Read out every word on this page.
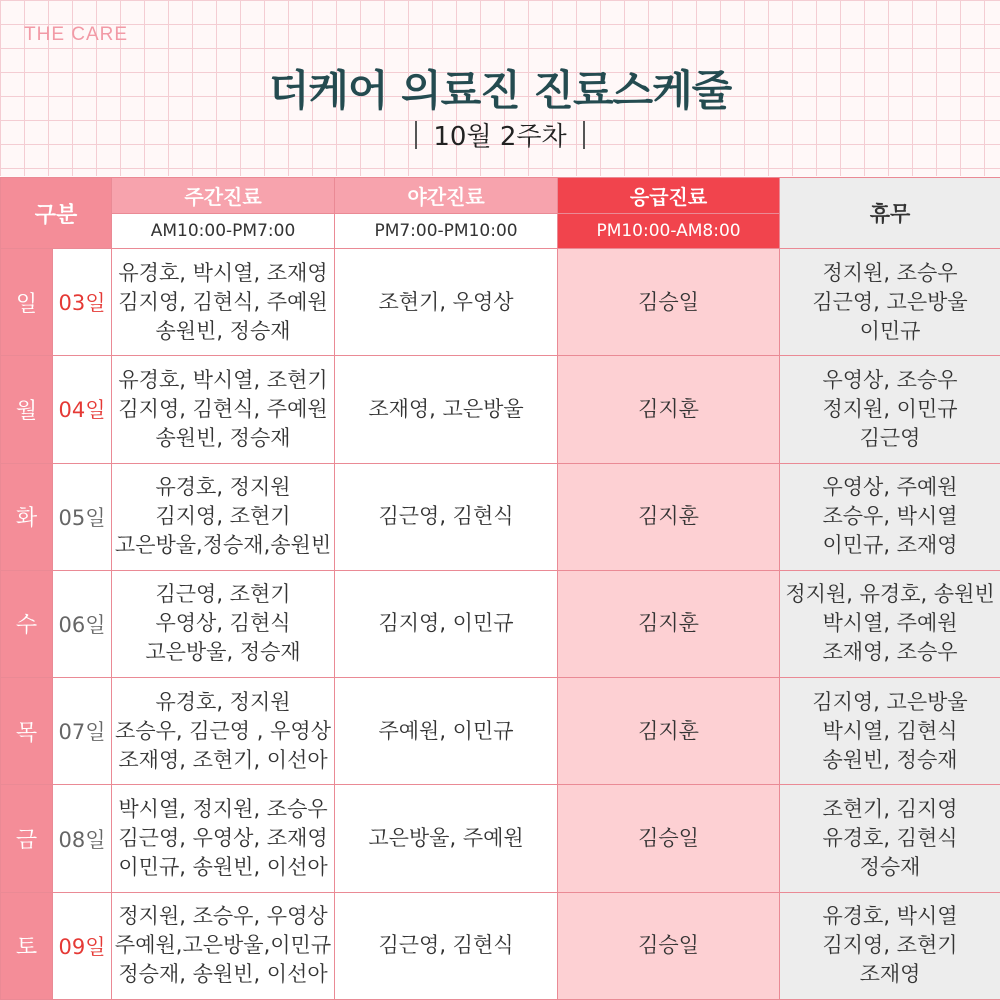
THE CARE
더케어 의료진 진료스케줄
10월 2주차
구분		주간진료	야간진료	응급진료	휴무
		AM10:00-PM7:00	PM7:00-PM10:00	PM10:00-AM8:00	
일	03일	유경호, 박시열, 조재영
김지영, 김현식, 주예원
송원빈, 정승재	조현기, 우영상	김승일	정지원, 조승우
김근영, 고은방울
이민규

월	04일	유경호, 박시열, 조현기
김지영, 김현식, 주예원
송원빈, 정승재	조재영, 고은방울	김지훈	우영상, 조승우
정지원, 이민규
김근영

화	05일	유경호, 정지원
김지영, 조현기
고은방울,정승재,송원빈	김근영, 김현식	김지훈	우영상, 주예원
조승우, 박시열
이민규, 조재영

수	06일	김근영, 조현기
우영상, 김현식
고은방울, 정승재	김지영, 이민규	김지훈	정지원, 유경호, 송원빈
박시열, 주예원
조재영, 조승우

목	07일	유경호, 정지원
조승우, 김근영 , 우영상
조재영, 조현기, 이선아	주예원, 이민규	김지훈	김지영, 고은방울
박시열, 김현식
송원빈, 정승재

금	08일	박시열, 정지원, 조승우
김근영, 우영상, 조재영
이민규, 송원빈, 이선아	고은방울, 주예원	김승일	조현기, 김지영
유경호, 김현식
정승재

토	09일	정지원, 조승우, 우영상
주예원,고은방울,이민규
정승재, 송원빈, 이선아	김근영, 김현식	김승일	유경호, 박시열
김지영, 조현기
조재영
